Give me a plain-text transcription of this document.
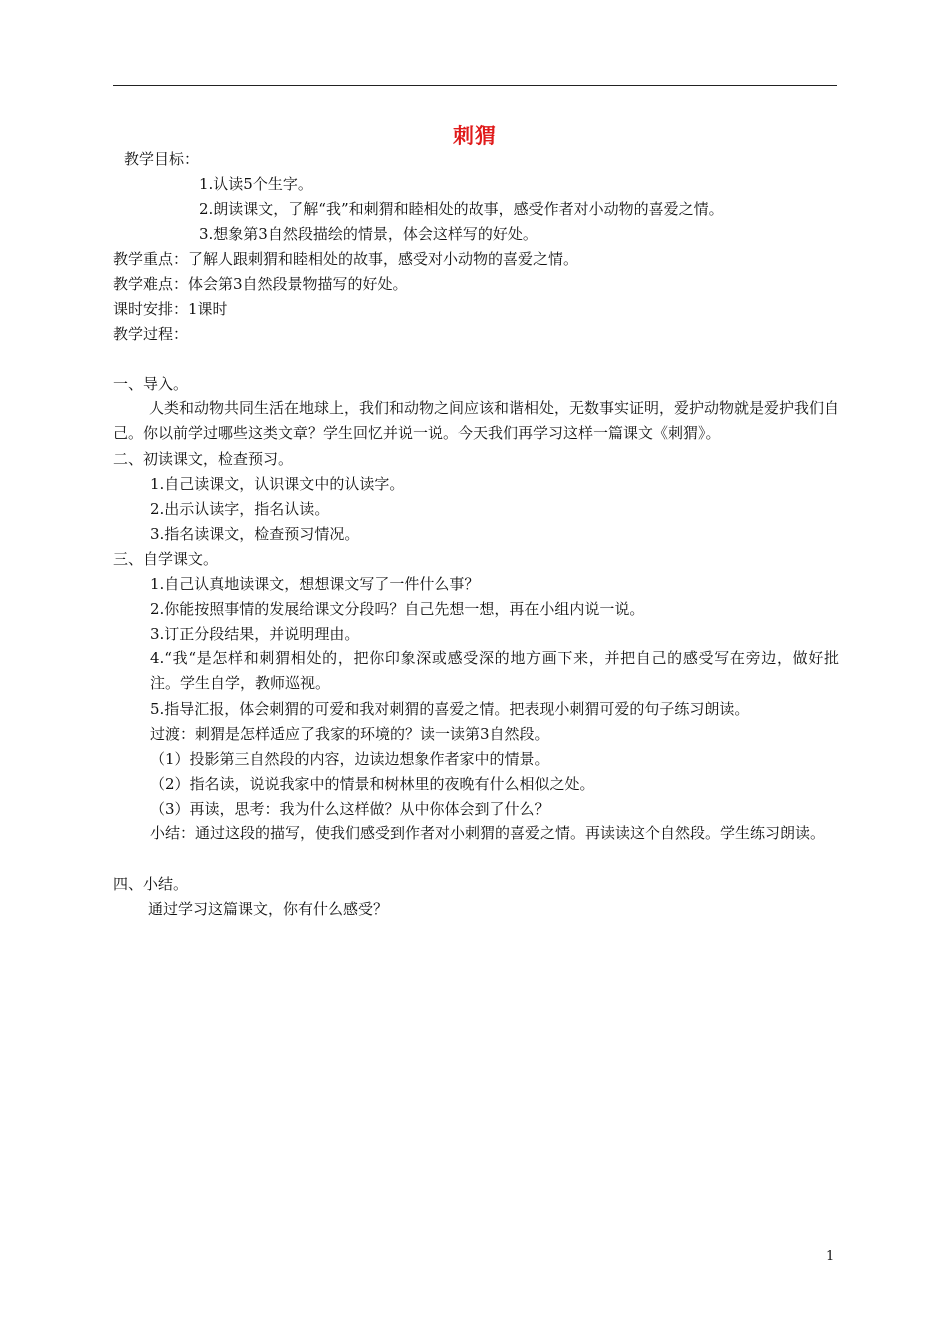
刺猬
教学目标：
1.认读5个生字。
2.朗读课文，了解“我”和刺猬和睦相处的故事，感受作者对小动物的喜爱之情。
3.想象第3自然段描绘的情景，体会这样写的好处。
教学重点：了解人跟刺猬和睦相处的故事，感受对小动物的喜爱之情。
教学难点：体会第3自然段景物描写的好处。
课时安排：1课时
教学过程：
一、导入。
人类和动物共同生活在地球上，我们和动物之间应该和谐相处，无数事实证明，爱护动物就是爱护我们自己。你以前学过哪些这类文章？学生回忆并说一说。今天我们再学习这样一篇课文《刺猬》。
二、初读课文，检查预习。
1.自己读课文，认识课文中的认读字。
2.出示认读字，指名认读。
3.指名读课文，检查预习情况。
三、自学课文。
1.自己认真地读课文，想想课文写了一件什么事？
2.你能按照事情的发展给课文分段吗？自己先想一想，再在小组内说一说。
3.订正分段结果，并说明理由。
4.“我“是怎样和刺猬相处的，把你印象深或感受深的地方画下来，并把自己的感受写在旁边，做好批注。学生自学，教师巡视。
5.指导汇报，体会刺猬的可爱和我对刺猬的喜爱之情。把表现小刺猬可爱的句子练习朗读。
过渡：刺猬是怎样适应了我家的环境的？读一读第3自然段。
（1）投影第三自然段的内容，边读边想象作者家中的情景。
（2）指名读，说说我家中的情景和树林里的夜晚有什么相似之处。
（3）再读，思考：我为什么这样做？从中你体会到了什么？
小结：通过这段的描写，使我们感受到作者对小刺猬的喜爱之情。再读读这个自然段。学生练习朗读。
四、小结。
通过学习这篇课文，你有什么感受？
1
